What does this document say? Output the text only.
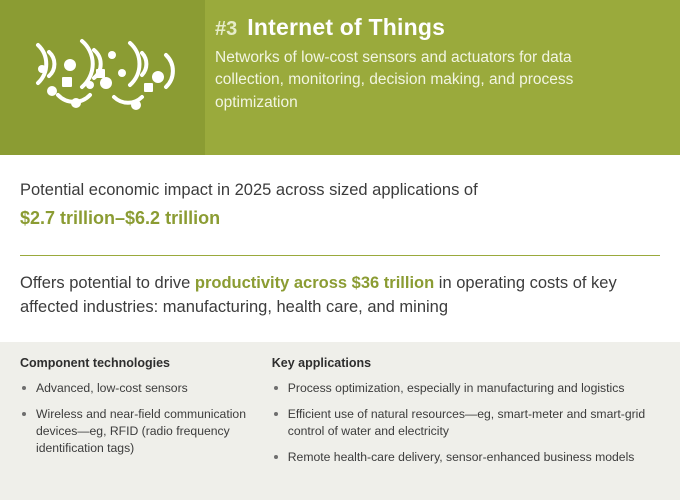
#3 Internet of Things
Networks of low-cost sensors and actuators for data collection, monitoring, decision making, and process optimization
Potential economic impact in 2025 across sized applications of
$2.7 trillion–$6.2 trillion
Offers potential to drive productivity across $36 trillion in operating costs of key affected industries: manufacturing, health care, and mining
Component technologies
Advanced, low-cost sensors
Wireless and near-field communication devices—eg, RFID (radio frequency identification tags)
Key applications
Process optimization, especially in manufacturing and logistics
Efficient use of natural resources—eg, smart-meter and smart-grid control of water and electricity
Remote health-care delivery, sensor-enhanced business models
